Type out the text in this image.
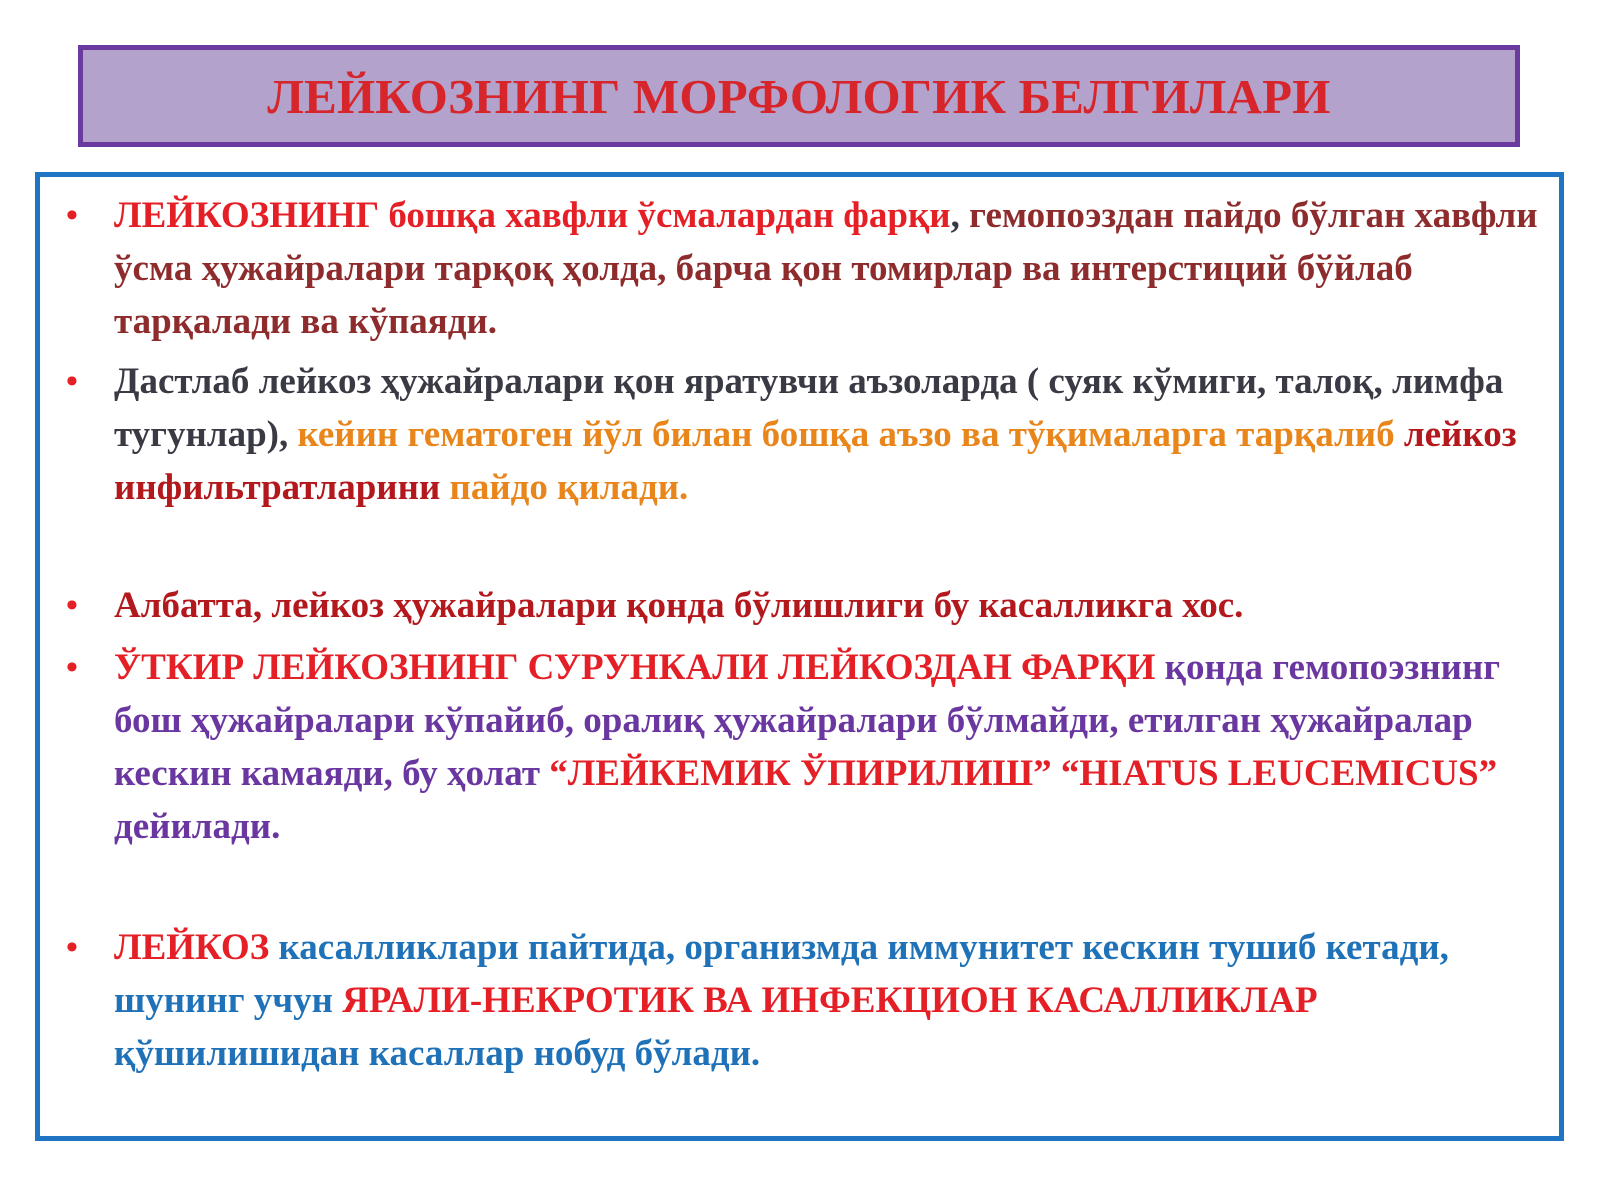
ЛЕЙКОЗНИНГ МОРФОЛОГИК БЕЛГИЛАРИ
• ЛЕЙКОЗНИНГ бошқа хавфли ўсмалардан фарқи, гемопоэздан пайдо бўлган хавфли ўсма ҳужайралари тарқоқ ҳолда, барча қон томирлар ва интерстиций бўйлаб тарқалади ва кўпаяди.
• Дастлаб лейкоз ҳужайралари қон яратувчи аъзоларда ( суяк кўмиги, талоқ, лимфа тугунлар), кейин гематоген йўл билан бошқа аъзо ва тўқималарга тарқалиб лейкоз инфильтратларини пайдо қилади.
• Албатта, лейкоз ҳужайралари қонда бўлишлиги бу касалликга хос.
• ЎТКИР ЛЕЙКОЗНИНГ СУРУНКАЛИ ЛЕЙКОЗДАН ФАРҚИ қонда гемопоэзнинг бош ҳужайралари кўпайиб, оралиқ ҳужайралари бўлмайди, етилган ҳужайралар кескин камаяди, бу ҳолат “ЛЕЙКЕМИК ЎПИРИЛИШ” “HIATUS LEUCEMICUS” дейилади.
• ЛЕЙКОЗ касалликлари пайтида, организмда иммунитет кескин тушиб кетади, шунинг учун ЯРАЛИ-НЕКРОТИК ВА ИНФЕКЦИОН КАСАЛЛИКЛАР қўшилишидан касаллар нобуд бўлади.
